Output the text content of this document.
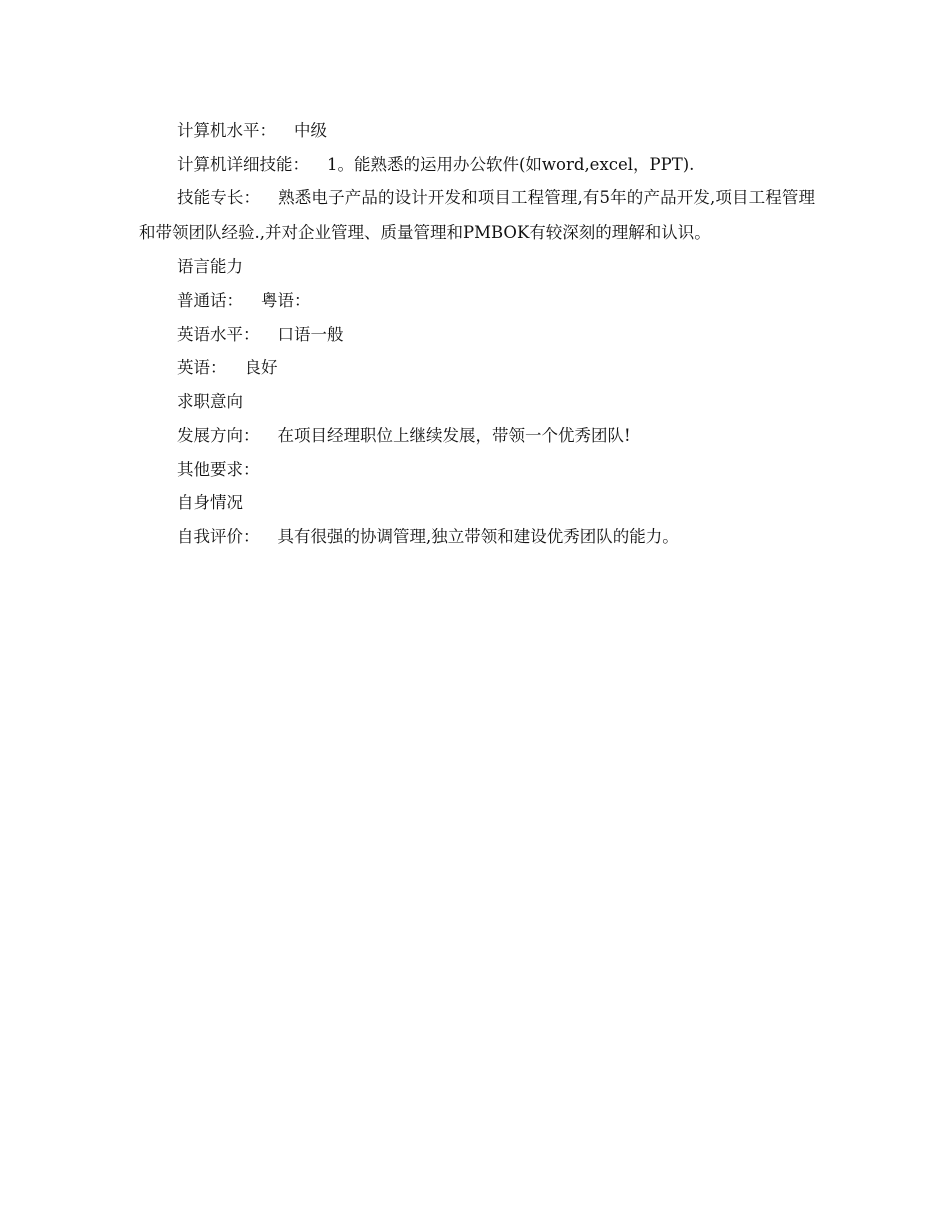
计算机水平： 中级
计算机详细技能： 1。能熟悉的运用办公软件(如word,excel，PPT).
技能专长： 熟悉电子产品的设计开发和项目工程管理,有5年的产品开发,项目工程管理和带领团队经验.,并对企业管理、质量管理和PMBOK有较深刻的理解和认识。
语言能力
普通话： 粤语：
英语水平： 口语一般
英语： 良好
求职意向
发展方向： 在项目经理职位上继续发展，带领一个优秀团队!
其他要求：
自身情况
自我评价： 具有很强的协调管理,独立带领和建设优秀团队的能力。
